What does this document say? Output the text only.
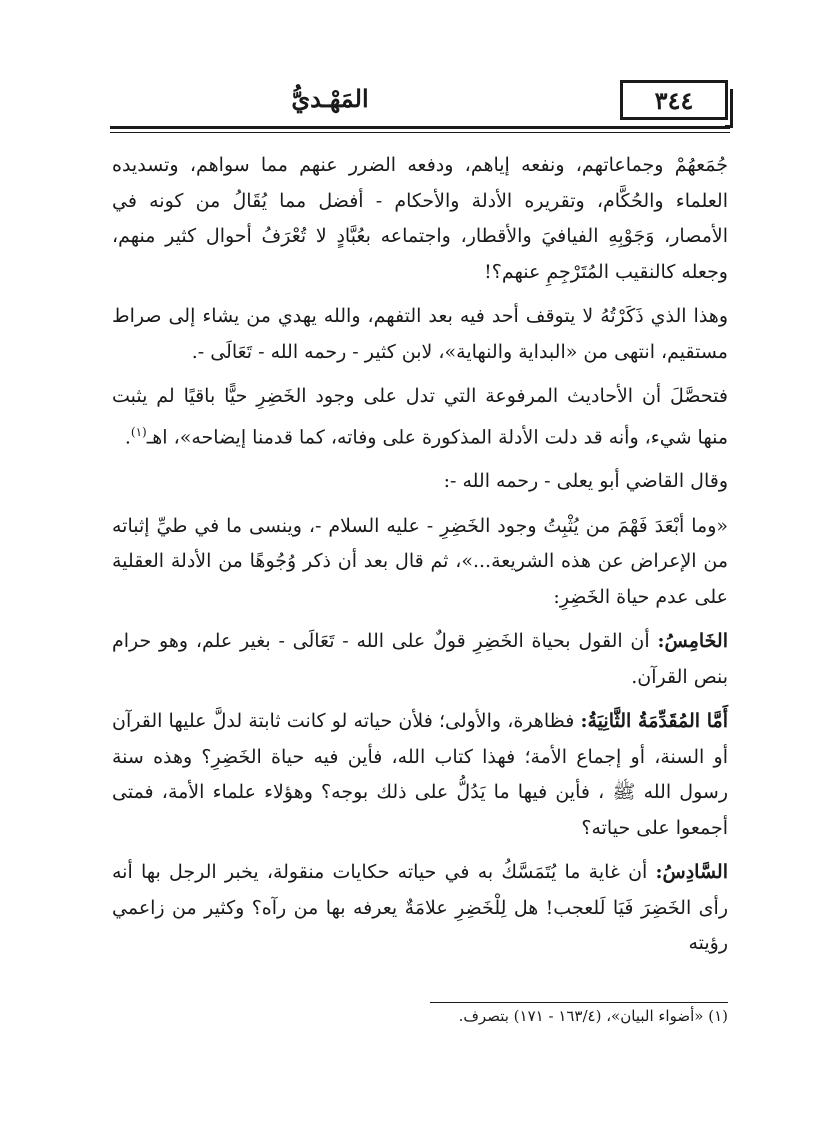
٣٤٤
المَهْـديُّ

جُمَعهُمْ وجماعاتهم، ونفعه إياهم، ودفعه الضرر عنهم مما سواهم، وتسديده العلماء والحُكَّام، وتقريره الأدلة والأحكام - أفضل مما يُقَالُ من كونه في الأمصار، وَجَوْبِهِ الفيافيَ والأقطار، واجتماعه بعُبَّادٍ لا تُعْرَفُ أحوال كثير منهم، وجعله كالنقيب المُتَرْجِمِ عنهم؟!

وهذا الذي ذَكَرْتُهُ لا يتوقف أحد فيه بعد التفهم، والله يهدي من يشاء إلى صراط مستقيم، انتهى من «البداية والنهاية»، لابن كثير - رحمه الله - تَعَالَى -.

فتحصَّلَ أن الأحاديث المرفوعة التي تدل على وجود الخَضِرِ حيًّا باقيًا لم يثبت منها شيء، وأنه قد دلت الأدلة المذكورة على وفاته، كما قدمنا إيضاحه»، اهـ$^{(١)}$.

وقال القاضي أبو يعلى - رحمه الله -:

«وما أبْعَدَ فَهْمَ من يُثْبِتُ وجود الخَضِرِ - عليه السلام -، وينسى ما في طيِّ إثباته من الإعراض عن هذه الشريعة...»، ثم قال بعد أن ذكر وُجُوهًا من الأدلة العقلية على عدم حياة الخَضِرِ:

الخَامِسُ: أن القول بحياة الخَضِرِ قولٌ على الله - تَعَالَى - بغير علم، وهو حرام بنص القرآن.

أَمَّا المُقَدِّمَةُ الثَّانِيَةُ: فظاهرة، والأولى؛ فلأن حياته لو كانت ثابتة لدلَّ عليها القرآن أو السنة، أو إجماع الأمة؛ فهذا كتاب الله، فأين فيه حياة الخَضِرِ؟ وهذه سنة رسول الله ﷺ ، فأين فيها ما يَدُلُّ على ذلك بوجه؟ وهؤلاء علماء الأمة، فمتى أجمعوا على حياته؟

السَّادِسُ: أن غاية ما يُتَمَسَّكُ به في حياته حكايات منقولة، يخبر الرجل بها أنه رأى الخَضِرَ فَيَا لَلعجب! هل لِلْخَضِرِ علامَةٌ يعرفه بها من رآه؟ وكثير من زاعمي رؤيته

(١) «أضواء البيان»، (١٦٣/٤ - ١٧١) بتصرف.
